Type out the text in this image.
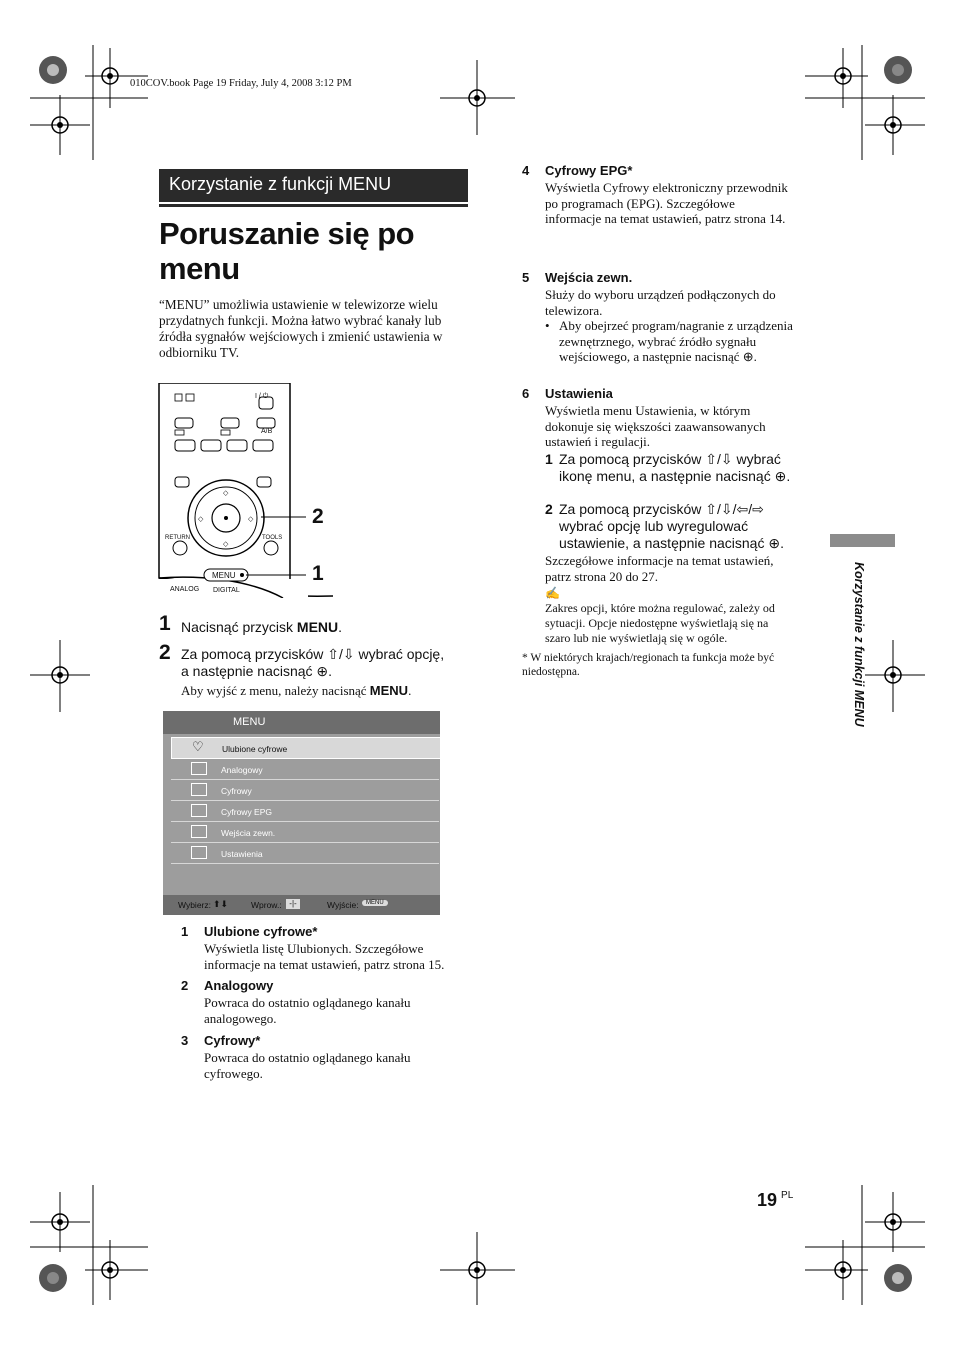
010COV.book Page 19 Friday, July 4, 2008 3:12 PM
Korzystanie z funkcji MENU
Poruszanie się po menu
“MENU” umożliwia ustawienie w telewizorze wielu przydatnych funkcji. Można łatwo wybrać kanały lub źródła sygnałów wejściowych i zmienić ustawienia w odbiorniku TV.
◇
◇
◇	◇
I / ⏻
A/B
RETURN	TOOLS
MENU
ANALOG DIGITAL
2
1
1 Nacisnąć przycisk MENU.
2 Za pomocą przycisków ⇧/⇩ wybrać opcję, a następnie nacisnąć ⊕.
Aby wyjść z menu, należy nacisnąć MENU.
MENU
♡ Ulubione cyfrowe
Analogowy
Cyfrowy
Cyfrowy EPG
Wejścia zewn.
Ustawienia
Wybierz: ⬆⬇	Wprow.: -|-	Wyjście:	MENU
1 Ulubione cyfrowe*
Wyświetla listę Ulubionych. Szczegółowe informacje na temat ustawień, patrz strona 15.
2 Analogowy
Powraca do ostatnio oglądanego kanału analogowego.
3 Cyfrowy*
Powraca do ostatnio oglądanego kanału cyfrowego.
4 Cyfrowy EPG*
Wyświetla Cyfrowy elektroniczny przewodnik po programach (EPG). Szczegółowe informacje na temat ustawień, patrz strona 14.
5 Wejścia zewn.
Służy do wyboru urządzeń podłączonych do telewizora.
• Aby obejrzeć program/nagranie z urządzenia zewnętrznego, wybrać źródło sygnału wejściowego, a następnie nacisnąć ⊕.
6 Ustawienia
Wyświetla menu Ustawienia, w którym dokonuje się większości zaawansowanych ustawień i regulacji.
1 Za pomocą przycisków ⇧/⇩ wybrać ikonę menu, a następnie nacisnąć ⊕.
2 Za pomocą przycisków ⇧/⇩/⇦/⇨ wybrać opcję lub wyregulować ustawienie, a następnie nacisnąć ⊕.
Szczegółowe informacje na temat ustawień, patrz strona 20 do 27.
✍
Zakres opcji, które można regulować, zależy od sytuacji. Opcje niedostępne wyświetlają się na szaro lub nie wyświetlają się w ogóle.
* W niektórych krajach/regionach ta funkcja może być niedostępna.	Korzystanie z funkcji MENU
19 $^{PL}$
